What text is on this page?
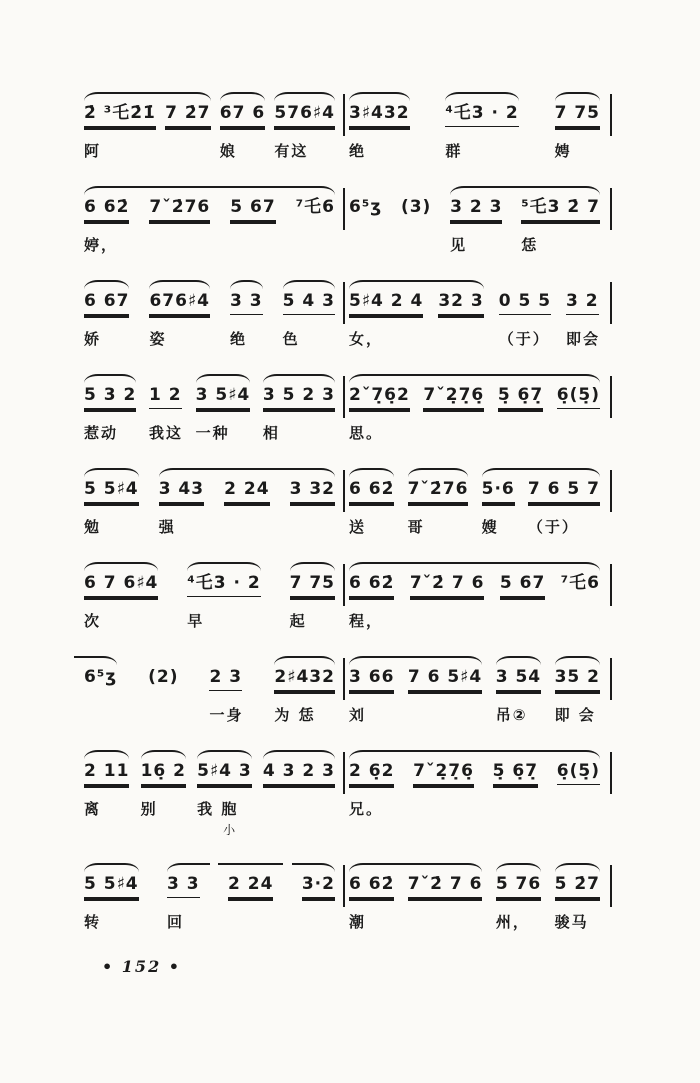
2̇ ³乇2̇1̇
阿
7 2̇7 67 6
娘
576♯4
有这
3♯432
绝
⁴乇3 · 2
群
7 75
娉
6 62̇
婷，
7ˇ2̇76 5 67 ⁷乇6 6⁵ʒ (3) 3 2 3
见
⁵乇3 2̇ 7
恁
6 67
娇
676♯4
姿
3 3
绝
5 4 3
色
5♯4 2 4
女，
32 3 0 5 5
（于）
3 2
即会
5 3 2
惹动
1 2
我这
3 5♯4
一种
3 5 2 3
相
2ˇ7̣6̣2
思。
7ˇ2̣7̣6̣ 5̣ 6̣7̣ 6̣(5̣)
5 5♯4
勉
3 43
强
2 24 3 32 6 62̇
送
7ˇ2̇76
哥
5·6
嫂
7 6 5 7
（于）
6 7 6♯4
次
⁴乇3 · 2
早
7 75
起
6 62̇
程，
7ˇ2̇ 7 6 5 67 ⁷乇6
6⁵ʒ (2) 2 3
一身
2♯432
为 恁
3 66
刘
7 6 5♯4 3 54
吊②
35 2
即 会
2 11
离
16̣ 2
别
5♯4 3
我 胞
小
4 3 2 3 2 6̣2
兄。
7ˇ2̣7̣6̣ 5̣ 6̣7̣ 6̣(5̣)
5 5♯4
转
3 3
回
2 24 3·2 6 62̇
潮
7ˇ2̇ 7 6 5 76
州，
5 2̇7
骏马
• 152 •
